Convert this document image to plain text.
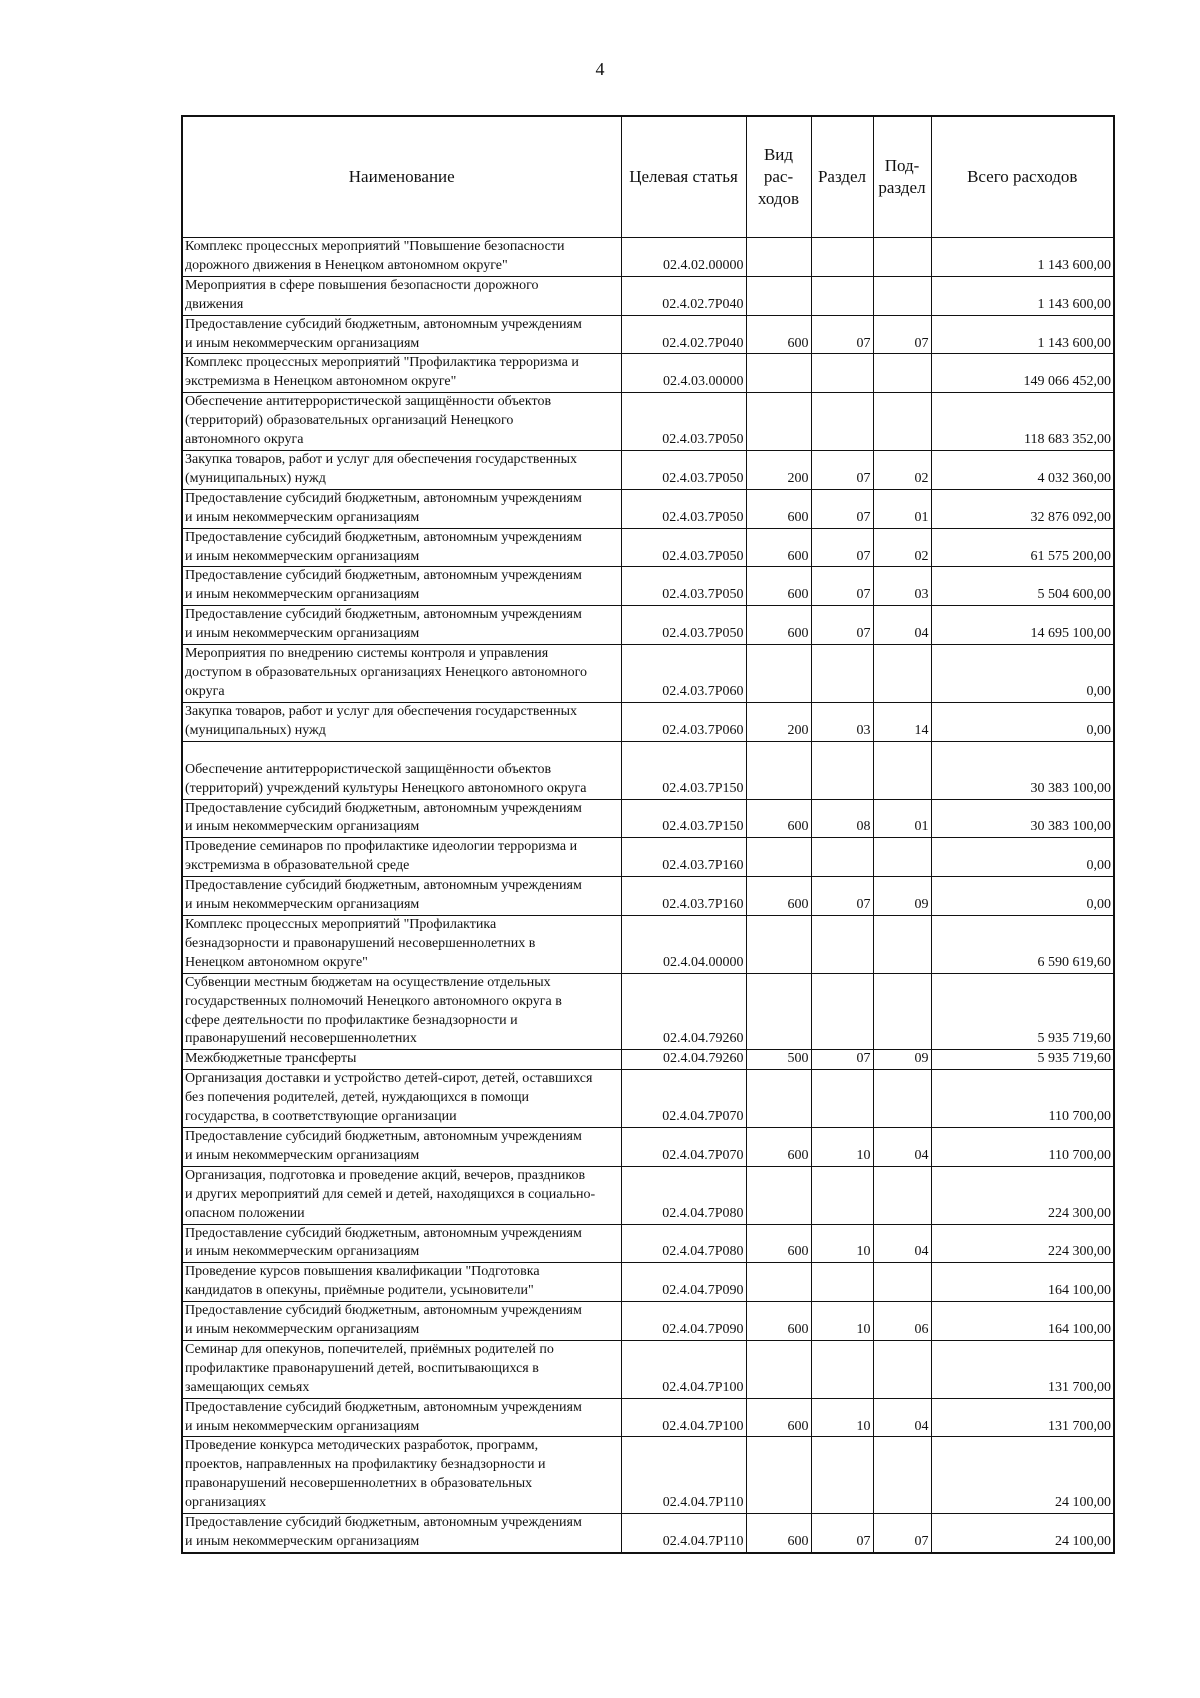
4
Наименование	Целевая статья	Вид
рас-
ходов	Раздел	Под-
раздел	Всего расходов
Комплекс процессных мероприятий "Повышение безопасности
дорожного движения в Ненецком автономном округе"	02.4.02.00000				1 143 600,00
Мероприятия в сфере повышения безопасности дорожного
движения	02.4.02.7Р040				1 143 600,00
Предоставление субсидий бюджетным, автономным учреждениям
и иным некоммерческим организациям	02.4.02.7Р040	600	07	07	1 143 600,00
Комплекс процессных мероприятий "Профилактика терроризма и
экстремизма в Ненецком автономном округе"	02.4.03.00000				149 066 452,00
Обеспечение антитеррористической защищённости объектов
(территорий) образовательных организаций Ненецкого
автономного округа	02.4.03.7Р050				118 683 352,00
Закупка товаров, работ и услуг для обеспечения государственных
(муниципальных) нужд	02.4.03.7Р050	200	07	02	4 032 360,00
Предоставление субсидий бюджетным, автономным учреждениям
и иным некоммерческим организациям	02.4.03.7Р050	600	07	01	32 876 092,00
Предоставление субсидий бюджетным, автономным учреждениям
и иным некоммерческим организациям	02.4.03.7Р050	600	07	02	61 575 200,00
Предоставление субсидий бюджетным, автономным учреждениям
и иным некоммерческим организациям	02.4.03.7Р050	600	07	03	5 504 600,00
Предоставление субсидий бюджетным, автономным учреждениям
и иным некоммерческим организациям	02.4.03.7Р050	600	07	04	14 695 100,00
Мероприятия по внедрению системы контроля и управления
доступом в образовательных организациях Ненецкого автономного
округа	02.4.03.7Р060				0,00
Закупка товаров, работ и услуг для обеспечения государственных
(муниципальных) нужд	02.4.03.7Р060	200	03	14	0,00
Обеспечение антитеррористической защищённости объектов
(территорий) учреждений культуры Ненецкого автономного округа	02.4.03.7Р150				30 383 100,00
Предоставление субсидий бюджетным, автономным учреждениям
и иным некоммерческим организациям	02.4.03.7Р150	600	08	01	30 383 100,00
Проведение семинаров по профилактике идеологии терроризма и
экстремизма в образовательной среде	02.4.03.7Р160				0,00
Предоставление субсидий бюджетным, автономным учреждениям
и иным некоммерческим организациям	02.4.03.7Р160	600	07	09	0,00
Комплекс процессных мероприятий "Профилактика
безнадзорности и правонарушений несовершеннолетних в
Ненецком автономном округе"	02.4.04.00000				6 590 619,60
Субвенции местным бюджетам на осуществление отдельных
государственных полномочий Ненецкого автономного округа в
сфере деятельности по профилактике безнадзорности и
правонарушений несовершеннолетних	02.4.04.79260				5 935 719,60
Межбюджетные трансферты	02.4.04.79260	500	07	09	5 935 719,60
Организация доставки и устройство детей-сирот, детей, оставшихся
без попечения родителей, детей, нуждающихся в помощи
государства, в соответствующие организации	02.4.04.7Р070				110 700,00
Предоставление субсидий бюджетным, автономным учреждениям
и иным некоммерческим организациям	02.4.04.7Р070	600	10	04	110 700,00
Организация, подготовка и проведение акций, вечеров, праздников
и других мероприятий для семей и детей, находящихся в социально-
опасном положении	02.4.04.7Р080				224 300,00
Предоставление субсидий бюджетным, автономным учреждениям
и иным некоммерческим организациям	02.4.04.7Р080	600	10	04	224 300,00
Проведение курсов повышения квалификации "Подготовка
кандидатов в опекуны, приёмные родители, усыновители"	02.4.04.7Р090				164 100,00
Предоставление субсидий бюджетным, автономным учреждениям
и иным некоммерческим организациям	02.4.04.7Р090	600	10	06	164 100,00
Семинар для опекунов, попечителей, приёмных родителей по
профилактике правонарушений детей, воспитывающихся в
замещающих семьях	02.4.04.7Р100				131 700,00
Предоставление субсидий бюджетным, автономным учреждениям
и иным некоммерческим организациям	02.4.04.7Р100	600	10	04	131 700,00
Проведение конкурса методических разработок, программ,
проектов, направленных на профилактику безнадзорности и
правонарушений несовершеннолетних в образовательных
организациях	02.4.04.7Р110				24 100,00
Предоставление субсидий бюджетным, автономным учреждениям
и иным некоммерческим организациям	02.4.04.7Р110	600	07	07	24 100,00
